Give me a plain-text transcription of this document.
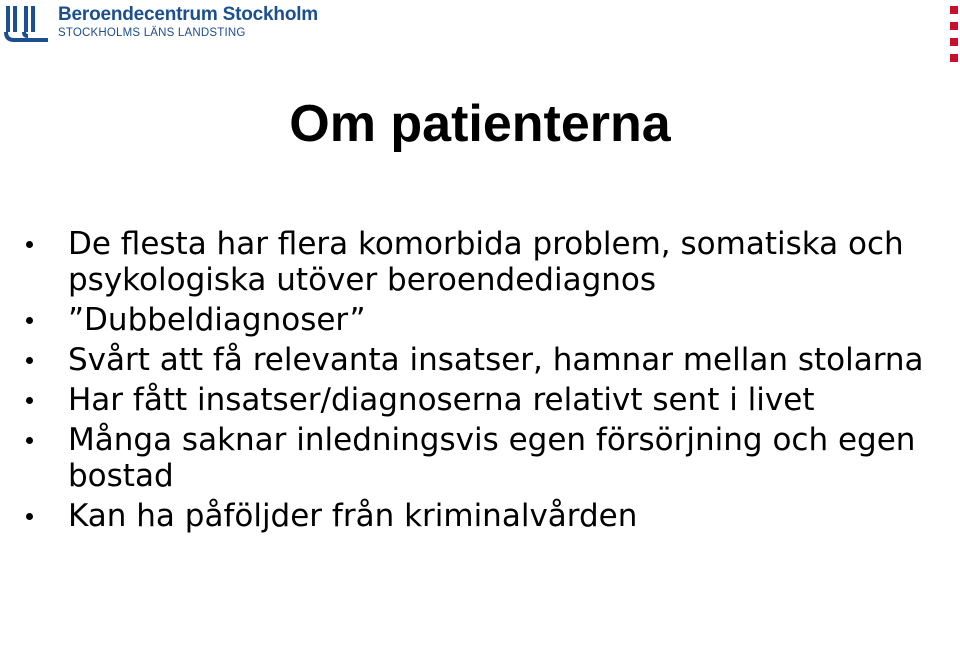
Beroendecentrum Stockholm
STOCKHOLMS LÄNS LANDSTING
Om patienterna
De flesta har flera komorbida problem, somatiska och psykologiska utöver beroendediagnos
”Dubbeldiagnoser”
Svårt att få relevanta insatser, hamnar mellan stolarna
Har fått insatser/diagnoserna relativt sent i livet
Många saknar inledningsvis egen försörjning och egen bostad
Kan ha påföljder från kriminalvården
